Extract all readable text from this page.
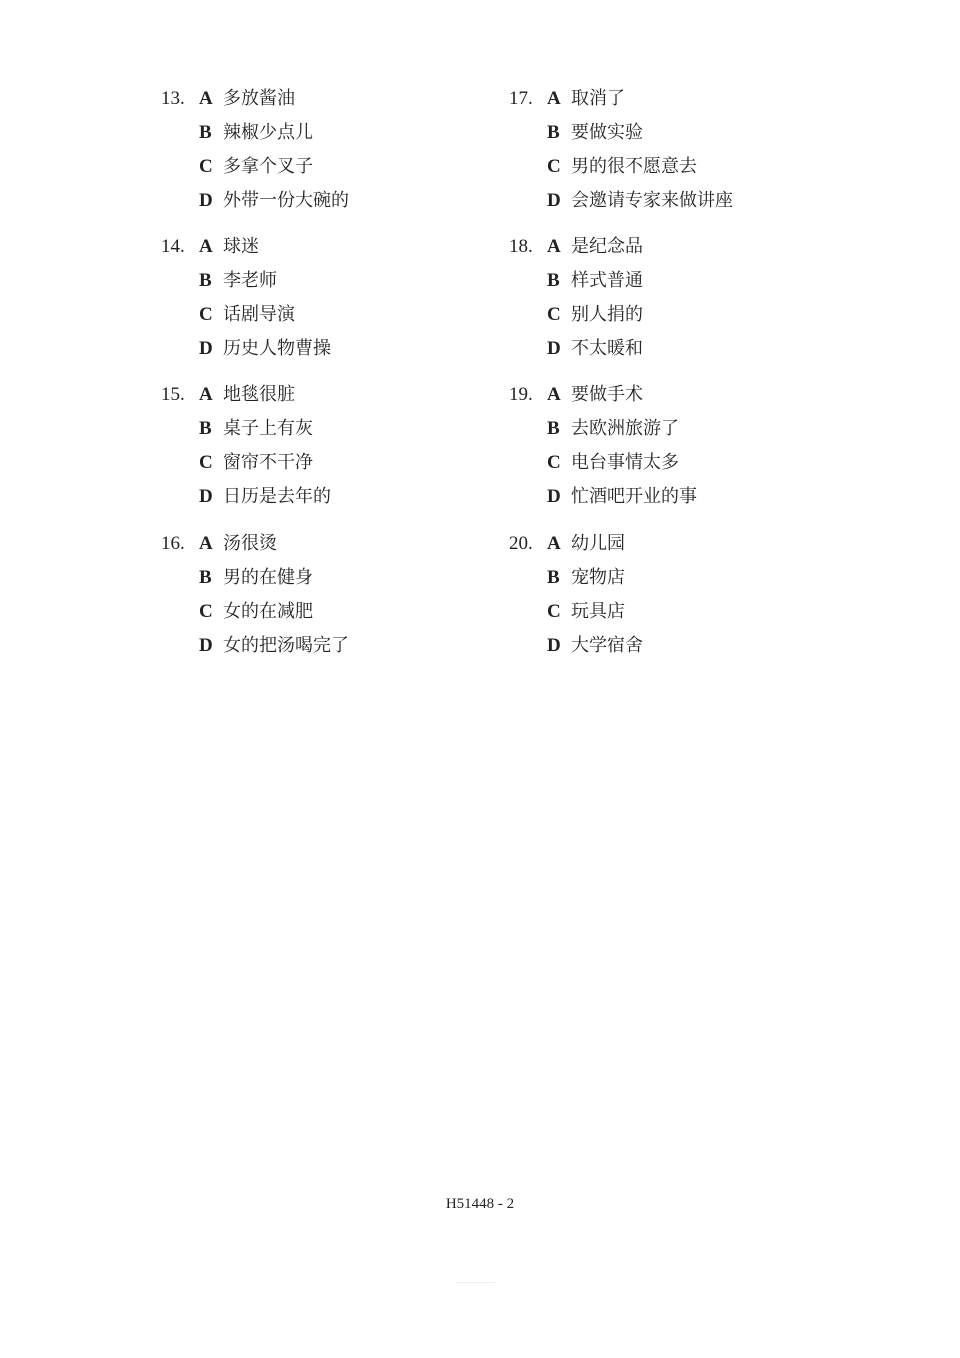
13. A 多放酱油
B 辣椒少点儿
C 多拿个叉子
D 外带一份大碗的
14. A 球迷
B 李老师
C 话剧导演
D 历史人物曹操
15. A 地毯很脏
B 桌子上有灰
C 窗帘不干净
D 日历是去年的
16. A 汤很烫
B 男的在健身
C 女的在减肥
D 女的把汤喝完了
17. A 取消了
B 要做实验
C 男的很不愿意去
D 会邀请专家来做讲座
18. A 是纪念品
B 样式普通
C 别人捐的
D 不太暖和
19. A 要做手术
B 去欧洲旅游了
C 电台事情太多
D 忙酒吧开业的事
20. A 幼儿园
B 宠物店
C 玩具店
D 大学宿舍
H51448 - 2
